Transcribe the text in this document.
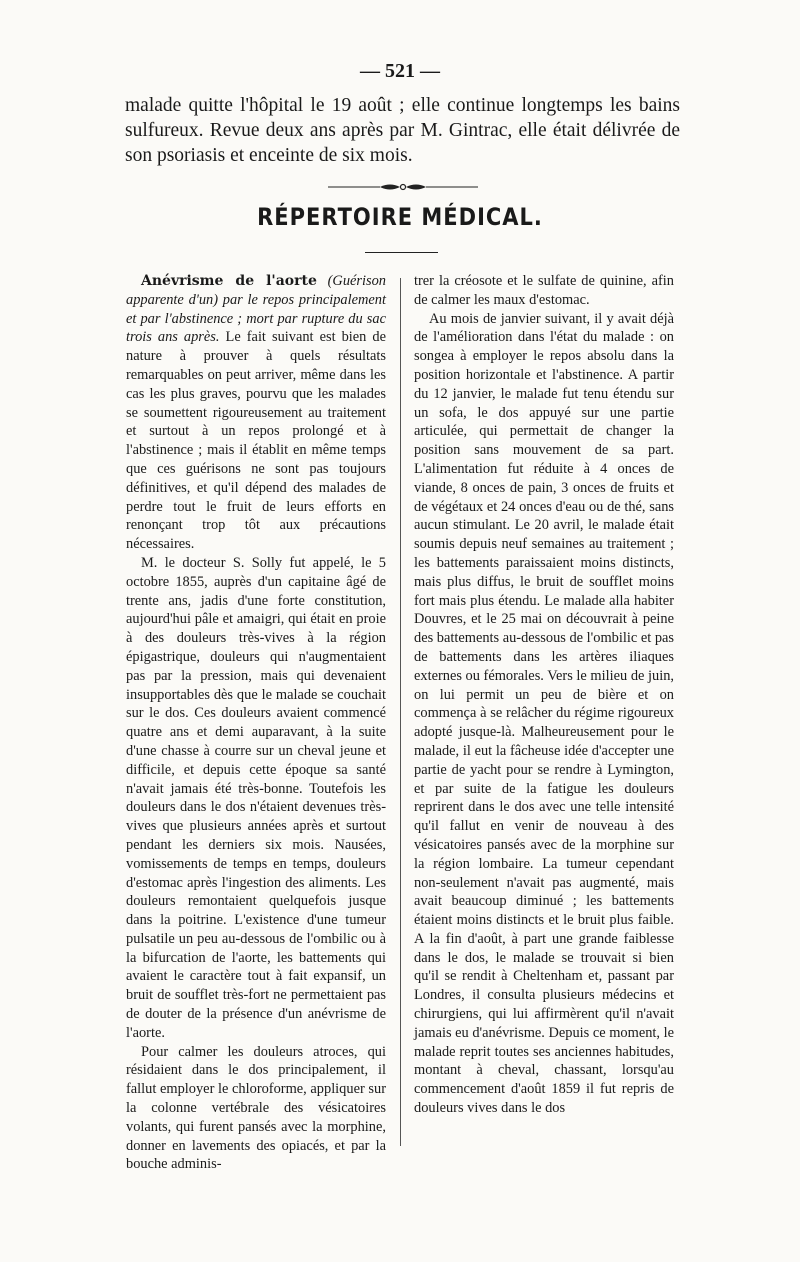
— 521 —
malade quitte l'hôpital le 19 août ; elle continue longtemps les bains sulfureux. Revue deux ans après par M. Gintrac, elle était délivrée de son psoriasis et enceinte de six mois.
RÉPERTOIRE MÉDICAL.

Anévrisme de l'aorte (Guérison apparente d'un) par le repos principalement et par l'abstinence ; mort par rupture du sac trois ans après. Le fait suivant est bien de nature à prouver à quels résultats remarquables on peut arriver, même dans les cas les plus graves, pourvu que les malades se soumettent rigoureusement au traitement et surtout à un repos prolongé et à l'abstinence ; mais il établit en même temps que ces guérisons ne sont pas toujours définitives, et qu'il dépend des malades de perdre tout le fruit de leurs efforts en renonçant trop tôt aux précautions nécessaires.

M. le docteur S. Solly fut appelé, le 5 octobre 1855, auprès d'un capitaine âgé de trente ans, jadis d'une forte constitution, aujourd'hui pâle et amaigri, qui était en proie à des douleurs très-vives à la région épigastrique, douleurs qui n'augmentaient pas par la pression, mais qui devenaient insupportables dès que le malade se couchait sur le dos. Ces douleurs avaient commencé quatre ans et demi auparavant, à la suite d'une chasse à courre sur un cheval jeune et difficile, et depuis cette époque sa santé n'avait jamais été très-bonne. Toutefois les douleurs dans le dos n'étaient devenues très-vives que plusieurs années après et surtout pendant les derniers six mois. Nausées, vomissements de temps en temps, douleurs d'estomac après l'ingestion des aliments. Les douleurs remontaient quelquefois jusque dans la poitrine. L'existence d'une tumeur pulsatile un peu au-dessous de l'ombilic ou à la bifurcation de l'aorte, les battements qui avaient le caractère tout à fait expansif, un bruit de soufflet très-fort ne permettaient pas de douter de la présence d'un anévrisme de l'aorte.

Pour calmer les douleurs atroces, qui résidaient dans le dos principalement, il fallut employer le chloroforme, appliquer sur la colonne vertébrale des vésicatoires volants, qui furent pansés avec la morphine, donner en lavements des opiacés, et par la bouche adminis-

trer la créosote et le sulfate de quinine, afin de calmer les maux d'estomac.

Au mois de janvier suivant, il y avait déjà de l'amélioration dans l'état du malade : on songea à employer le repos absolu dans la position horizontale et l'abstinence. A partir du 12 janvier, le malade fut tenu étendu sur un sofa, le dos appuyé sur une partie articulée, qui permettait de changer la position sans mouvement de sa part. L'alimentation fut réduite à 4 onces de viande, 8 onces de pain, 3 onces de fruits et de végétaux et 24 onces d'eau ou de thé, sans aucun stimulant. Le 20 avril, le malade était soumis depuis neuf semaines au traitement ; les battements paraissaient moins distincts, mais plus diffus, le bruit de soufflet moins fort mais plus étendu. Le malade alla habiter Douvres, et le 25 mai on découvrait à peine des battements au-dessous de l'ombilic et pas de battements dans les artères iliaques externes ou fémorales. Vers le milieu de juin, on lui permit un peu de bière et on commença à se relâcher du régime rigoureux adopté jusque-là. Malheureusement pour le malade, il eut la fâcheuse idée d'accepter une partie de yacht pour se rendre à Lymington, et par suite de la fatigue les douleurs reprirent dans le dos avec une telle intensité qu'il fallut en venir de nouveau à des vésicatoires pansés avec de la morphine sur la région lombaire. La tumeur cependant non-seulement n'avait pas augmenté, mais avait beaucoup diminué ; les battements étaient moins distincts et le bruit plus faible. A la fin d'août, à part une grande faiblesse dans le dos, le malade se trouvait si bien qu'il se rendit à Cheltenham et, passant par Londres, il consulta plusieurs médecins et chirurgiens, qui lui affirmèrent qu'il n'avait jamais eu d'anévrisme. Depuis ce moment, le malade reprit toutes ses anciennes habitudes, montant à cheval, chassant, lorsqu'au commencement d'août 1859 il fut repris de douleurs vives dans le dos
